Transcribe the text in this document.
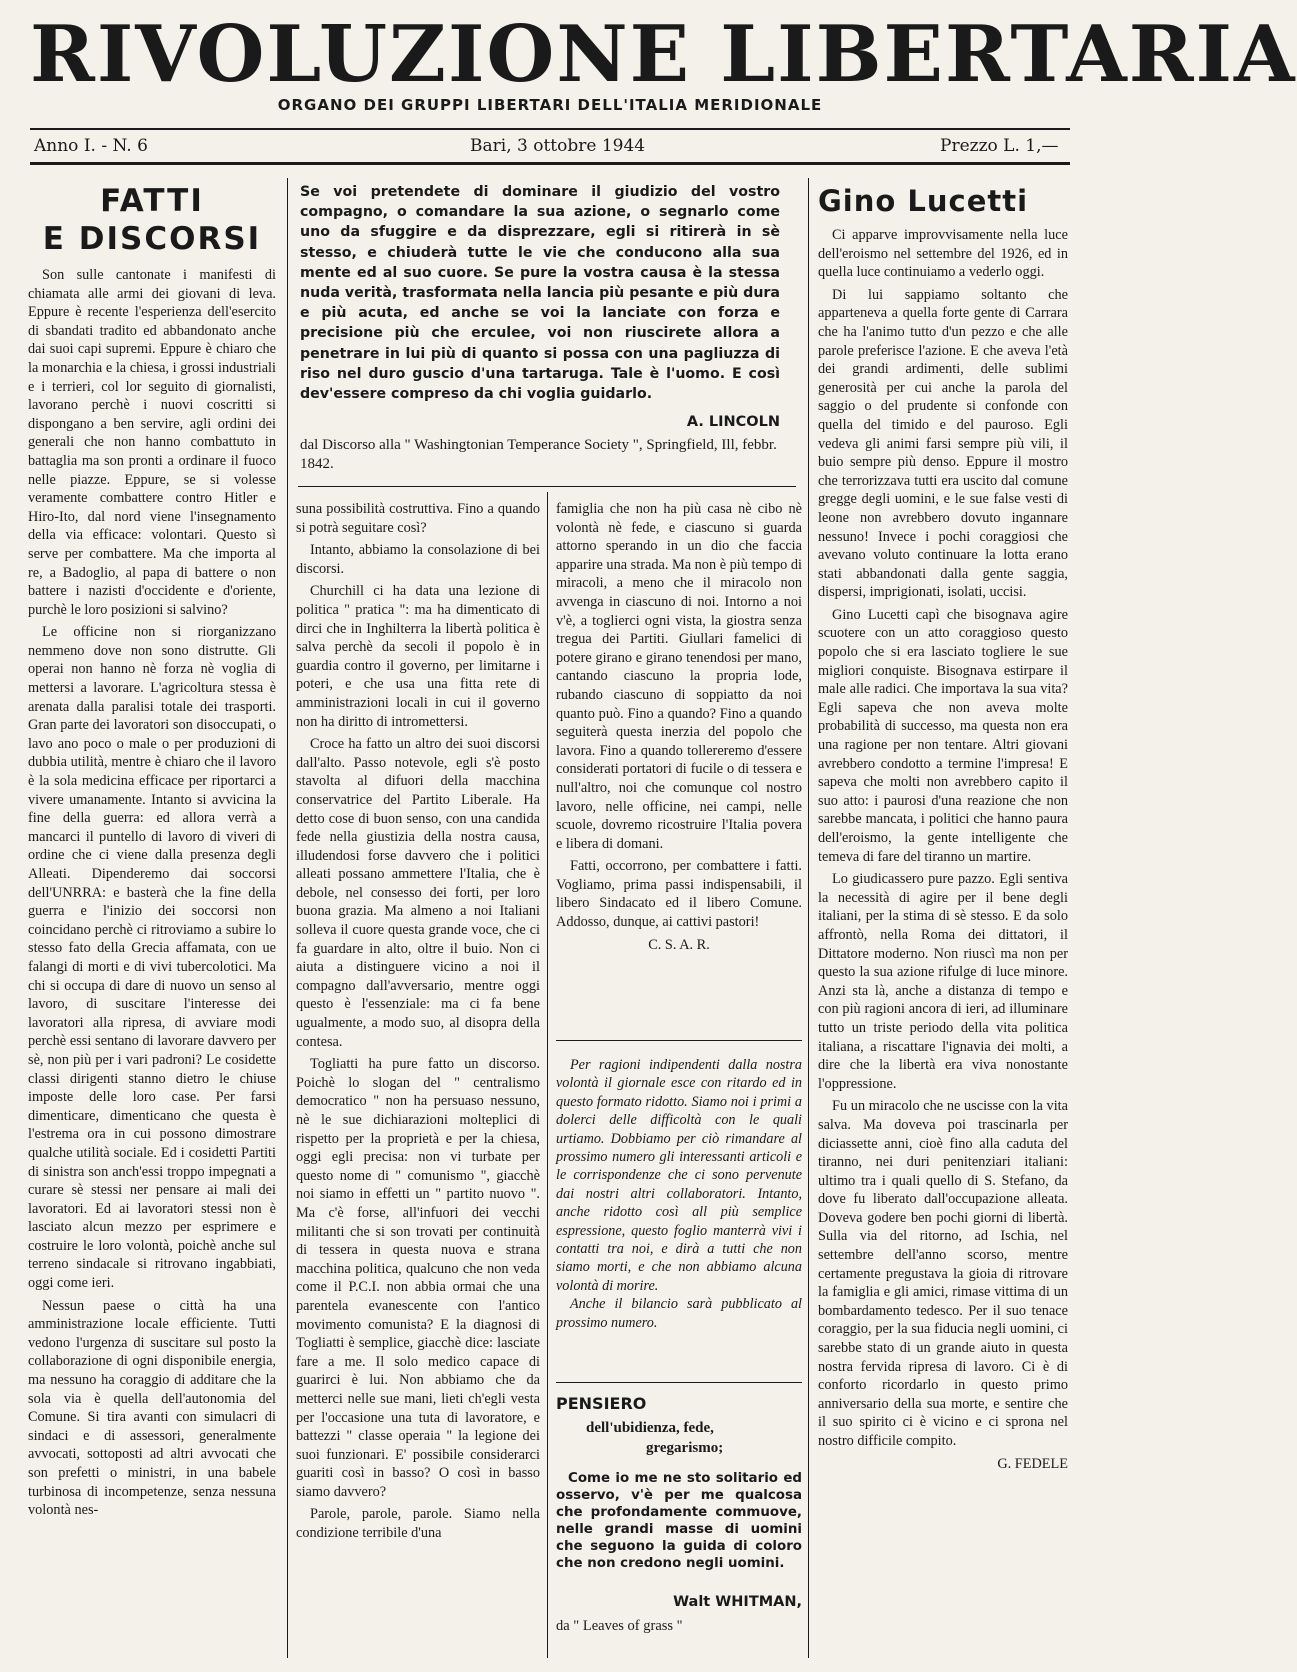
RIVOLUZIONE LIBERTARIA
ORGANO DEI GRUPPI LIBERTARI DELL'ITALIA MERIDIONALE
Anno I. - N. 6	Bari, 3 ottobre 1944	Prezzo L. 1,—
FATTI
E DISCORSI

Son sulle cantonate i manifesti di chiamata alle armi dei giovani di leva. Eppure è recente l'esperienza dell'esercito di sbandati tradito ed abbandonato anche dai suoi capi supremi. Eppure è chiaro che la monarchia e la chiesa, i grossi industriali e i terrieri, col lor seguito di giornalisti, lavorano perchè i nuovi coscritti si dispongano a ben servire, agli ordini dei generali che non hanno combattuto in battaglia ma son pronti a ordinare il fuoco nelle piazze. Eppure, se si volesse veramente combattere contro Hitler e Hiro-Ito, dal nord viene l'insegnamento della via efficace: volontari. Questo sì serve per combattere. Ma che importa al re, a Badoglio, al papa di battere o non battere i nazisti d'occidente e d'oriente, purchè le loro posizioni si salvino?

Le officine non si riorganizzano nemmeno dove non sono distrutte. Gli operai non hanno nè forza nè voglia di mettersi a lavorare. L'agricoltura stessa è arenata dalla paralisi totale dei trasporti. Gran parte dei lavoratori son disoccupati, o lavo ano poco o male o per produzioni di dubbia utilità, mentre è chiaro che il lavoro è la sola medicina efficace per riportarci a vivere umanamente. Intanto si avvicina la fine della guerra: ed allora verrà a mancarci il puntello di lavoro di viveri di ordine che ci viene dalla presenza degli Alleati. Dipenderemo dai soccorsi dell'UNRRA: e basterà che la fine della guerra e l'inizio dei soccorsi non coincidano perchè ci ritroviamo a subire lo stesso fato della Grecia affamata, con ue falangi di morti e di vivi tubercolotici. Ma chi si occupa di dare di nuovo un senso al lavoro, di suscitare l'interesse dei lavoratori alla ripresa, di avviare modi perchè essi sentano di lavorare davvero per sè, non più per i vari padroni? Le cosidette classi dirigenti stanno dietro le chiuse imposte delle loro case. Per farsi dimenticare, dimenticano che questa è l'estrema ora in cui possono dimostrare qualche utilità sociale. Ed i cosidetti Partiti di sinistra son anch'essi troppo impegnati a curare sè stessi ner pensare ai mali dei lavoratori. Ed ai lavoratori stessi non è lasciato alcun mezzo per esprimere e costruire le loro volontà, poichè anche sul terreno sindacale si ritrovano ingabbiati, oggi come ieri.

Nessun paese o città ha una amministrazione locale efficiente. Tutti vedono l'urgenza di suscitare sul posto la collaborazione di ogni disponibile energia, ma nessuno ha coraggio di additare che la sola via è quella dell'autonomia del Comune. Si tira avanti con simulacri di sindaci e di assessori, generalmente avvocati, sottoposti ad altri avvocati che son prefetti o ministri, in una babele turbinosa di incompetenze, senza nessuna volontà nes-

Se voi pretendete di dominare il giudizio del vostro compagno, o comandare la sua azione, o segnarlo come uno da sfuggire e da disprezzare, egli si ritirerà in sè stesso, e chiuderà tutte le vie che conducono alla sua mente ed al suo cuore. Se pure la vostra causa è la stessa nuda verità, trasformata nella lancia più pesante e più dura e più acuta, ed anche se voi la lanciate con forza e precisione più che erculee, voi non riuscirete allora a penetrare in lui più di quanto si possa con una pagliuzza di riso nel duro guscio d'una tartaruga. Tale è l'uomo. E così dev'essere compreso da chi voglia guidarlo.
A. LINCOLN
dal Discorso alla " Washingtonian Temperance Society ", Springfield, Ill, febbr. 1842.

suna possibilità costruttiva. Fino a quando si potrà seguitare così?

Intanto, abbiamo la consolazione di bei discorsi.

Churchill ci ha data una lezione di politica " pratica ": ma ha dimenticato di dirci che in Inghilterra la libertà politica è salva perchè da secoli il popolo è in guardia contro il governo, per limitarne i poteri, e che usa una fitta rete di amministrazioni locali in cui il governo non ha diritto di intromettersi.

Croce ha fatto un altro dei suoi discorsi dall'alto. Passo notevole, egli s'è posto stavolta al difuori della macchina conservatrice del Partito Liberale. Ha detto cose di buon senso, con una candida fede nella giustizia della nostra causa, illudendosi forse davvero che i politici alleati possano ammettere l'Italia, che è debole, nel consesso dei forti, per loro buona grazia. Ma almeno a noi Italiani solleva il cuore questa grande voce, che ci fa guardare in alto, oltre il buio. Non ci aiuta a distinguere vicino a noi il compagno dall'avversario, mentre oggi questo è l'essenziale: ma ci fa bene ugualmente, a modo suo, al disopra della contesa.

Togliatti ha pure fatto un discorso. Poichè lo slogan del " centralismo democratico " non ha persuaso nessuno, nè le sue dichiarazioni molteplici di rispetto per la proprietà e per la chiesa, oggi egli precisa: non vi turbate per questo nome di " comunismo ", giacchè noi siamo in effetti un " partito nuovo ". Ma c'è forse, all'infuori dei vecchi militanti che si son trovati per continuità di tessera in questa nuova e strana macchina politica, qualcuno che non veda come il P.C.I. non abbia ormai che una parentela evanescente con l'antico movimento comunista? E la diagnosi di Togliatti è semplice, giacchè dice: lasciate fare a me. Il solo medico capace di guarirci è lui. Non abbiamo che da metterci nelle sue mani, lieti ch'egli vesta per l'occasione una tuta di lavoratore, e battezzi " classe operaia " la legione dei suoi funzionari. E' possibile considerarci guariti così in basso? O così in basso siamo davvero?

Parole, parole, parole. Siamo nella condizione terribile d'una

famiglia che non ha più casa nè cibo nè volontà nè fede, e ciascuno si guarda attorno sperando in un dio che faccia apparire una strada. Ma non è più tempo di miracoli, a meno che il miracolo non avvenga in ciascuno di noi. Intorno a noi v'è, a toglierci ogni vista, la giostra senza tregua dei Partiti. Giullari famelici di potere girano e girano tenendosi per mano, cantando ciascuno la propria lode, rubando ciascuno di soppiatto da noi quanto può. Fino a quando? Fino a quando seguiterà questa inerzia del popolo che lavora. Fino a quando tollereremo d'essere considerati portatori di fucile o di tessera e null'altro, noi che comunque col nostro lavoro, nelle officine, nei campi, nelle scuole, dovremo ricostruire l'Italia povera e libera di domani.

Fatti, occorrono, per combattere i fatti. Vogliamo, prima passi indispensabili, il libero Sindacato ed il libero Comune. Addosso, dunque, ai cattivi pastori!

C. S. A. R.

Per ragioni indipendenti dalla nostra volontà il giornale esce con ritardo ed in questo formato ridotto. Siamo noi i primi a dolerci delle difficoltà con le quali urtiamo. Dobbiamo per ciò rimandare al prossimo numero gli interessanti articoli e le corrispondenze che ci sono pervenute dai nostri altri collaboratori. Intanto, anche ridotto così all più semplice espressione, questo foglio manterrà vivi i contatti tra noi, e dirà a tutti che non siamo morti, e che non abbiamo alcuna volontà di morire.

Anche il bilancio sarà pubblicato al prossimo numero.

PENSIERO
dell'ubidienza, fede,
gregarismo;
Come io me ne sto solitario ed osservo, v'è per me qualcosa che profondamente commuove, nelle grandi masse di uomini che seguono la guida di coloro che non credono negli uomini.
Walt WHITMAN,
da " Leaves of grass "
Gino Lucetti

Ci apparve improvvisamente nella luce dell'eroismo nel settembre del 1926, ed in quella luce continuiamo a vederlo oggi.

Di lui sappiamo soltanto che apparteneva a quella forte gente di Carrara che ha l'animo tutto d'un pezzo e che alle parole preferisce l'azione. E che aveva l'età dei grandi ardimenti, delle sublimi generosità per cui anche la parola del saggio o del prudente si confonde con quella del timido e del pauroso. Egli vedeva gli animi farsi sempre più vili, il buio sempre più denso. Eppure il mostro che terrorizzava tutti era uscito dal comune gregge degli uomini, e le sue false vesti di leone non avrebbero dovuto ingannare nessuno! Invece i pochi coraggiosi che avevano voluto continuare la lotta erano stati abbandonati dalla gente saggia, dispersi, imprigionati, isolati, uccisi.

Gino Lucetti capì che bisognava agire scuotere con un atto coraggioso questo popolo che si era lasciato togliere le sue migliori conquiste. Bisognava estirpare il male alle radici. Che importava la sua vita? Egli sapeva che non aveva molte probabilità di successo, ma questa non era una ragione per non tentare. Altri giovani avrebbero condotto a termine l'impresa! E sapeva che molti non avrebbero capito il suo atto: i paurosi d'una reazione che non sarebbe mancata, i politici che hanno paura dell'eroismo, la gente intelligente che temeva di fare del tiranno un martire.

Lo giudicassero pure pazzo. Egli sentiva la necessità di agire per il bene degli italiani, per la stima di sè stesso. E da solo affrontò, nella Roma dei dittatori, il Dittatore moderno. Non riuscì ma non per questo la sua azione rifulge di luce minore. Anzi sta là, anche a distanza di tempo e con più ragioni ancora di ieri, ad illuminare tutto un triste periodo della vita politica italiana, a riscattare l'ignavia dei molti, a dire che la libertà era viva nonostante l'oppressione.

Fu un miracolo che ne uscisse con la vita salva. Ma doveva poi trascinarla per diciassette anni, cioè fino alla caduta del tiranno, nei duri penitenziari italiani: ultimo tra i quali quello di S. Stefano, da dove fu liberato dall'occupazione alleata. Doveva godere ben pochi giorni di libertà. Sulla via del ritorno, ad Ischia, nel settembre dell'anno scorso, mentre certamente pregustava la gioia di ritrovare la famiglia e gli amici, rimase vittima di un bombardamento tedesco. Per il suo tenace coraggio, per la sua fiducia negli uomini, ci sarebbe stato di un grande aiuto in questa nostra fervida ripresa di lavoro. Ci è di conforto ricordarlo in questo primo anniversario della sua morte, e sentire che il suo spirito ci è vicino e ci sprona nel nostro difficile compito.

G. FEDELE
